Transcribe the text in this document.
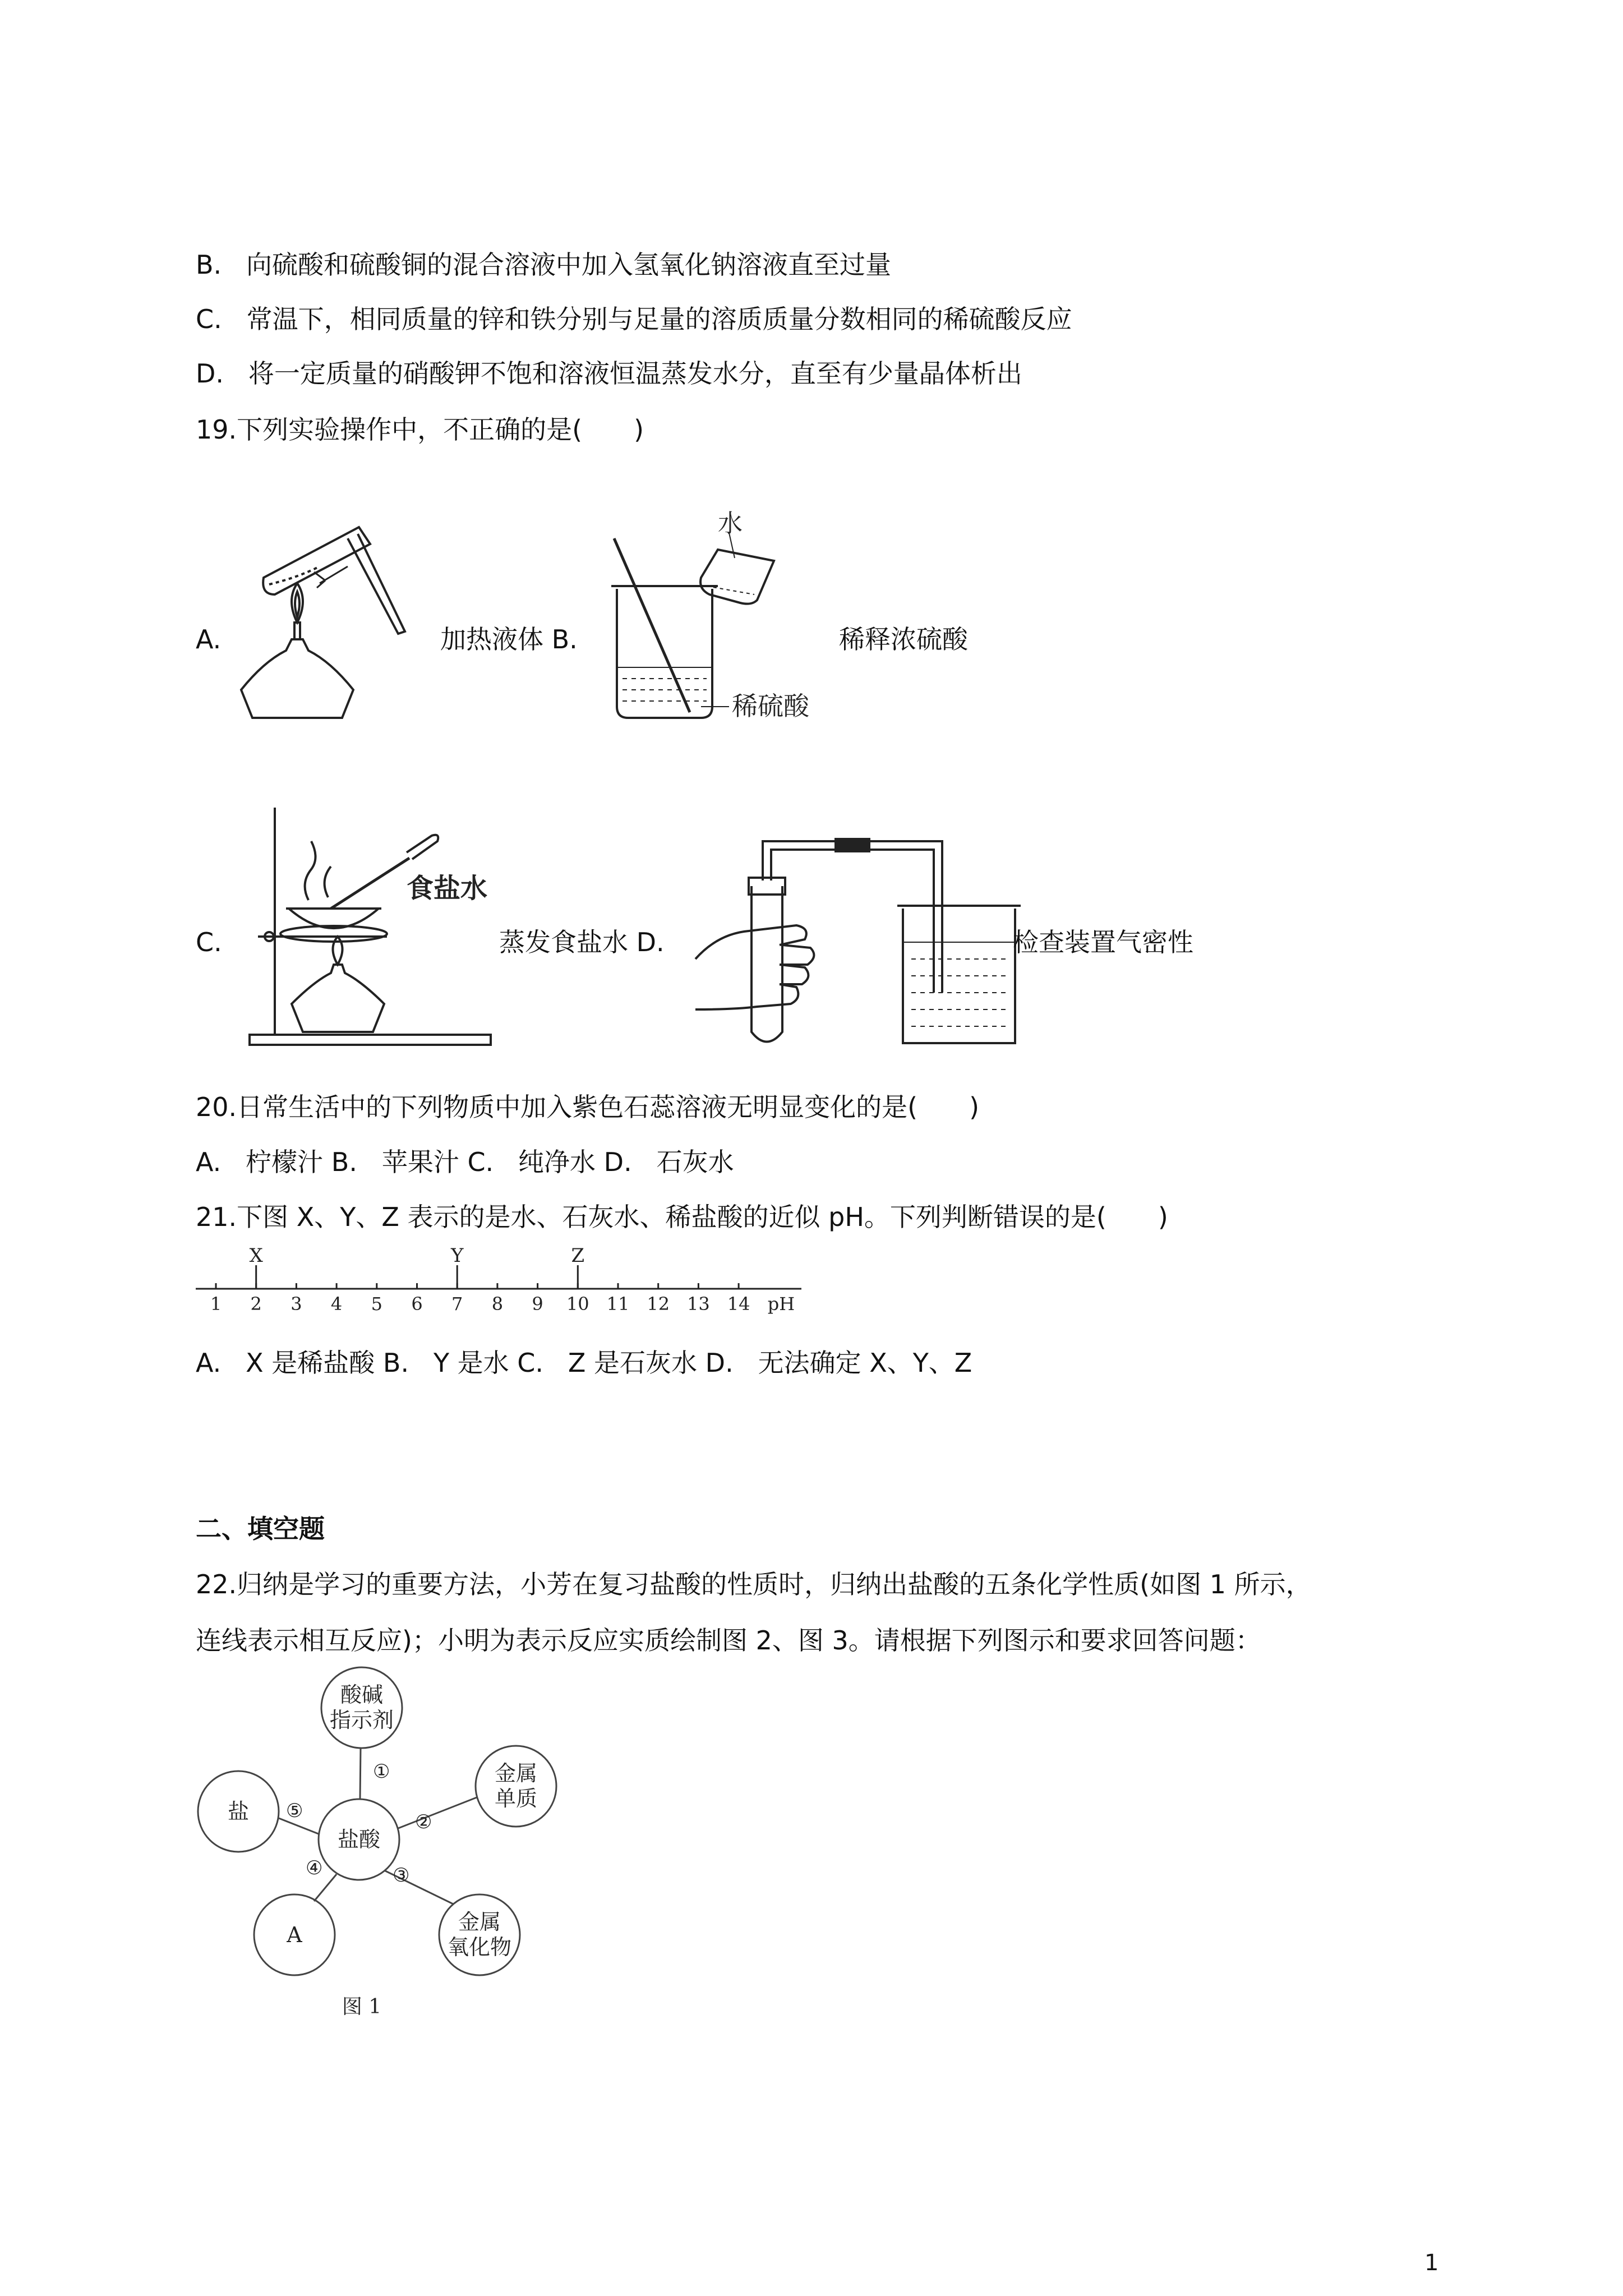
B.   向硫酸和硫酸铜的混合溶液中加入氢氧化钠溶液直至过量
C.   常温下，相同质量的锌和铁分别与足量的溶质质量分数相同的稀硫酸反应
D.   将一定质量的硝酸钾不饱和溶液恒温蒸发水分，直至有少量晶体析出
19.下列实验操作中，不正确的是(　　)
A.	加热液体 B.
水
稀硫酸
稀释浓硫酸
C.
食盐水
蒸发食盐水 D.	检查装置气密性
20.日常生活中的下列物质中加入紫色石蕊溶液无明显变化的是(　　)
A.   柠檬汁 B.   苹果汁 C.   纯净水 D.   石灰水
21.下图 X、Y、Z 表示的是水、石灰水、稀盐酸的近似 pH。下列判断错误的是(　　)
1 2 3 4 5 6 7 8 9 10 11 12 13 14 pH
X	Y	Z
A.   X 是稀盐酸 B.   Y 是水 C.   Z 是石灰水 D.   无法确定 X、Y、Z
二、填空题
22.归纳是学习的重要方法，小芳在复习盐酸的性质时，归纳出盐酸的五条化学性质(如图 1 所示，
连线表示相互反应)；小明为表示反应实质绘制图 2、图 3。请根据下列图示和要求回答问题：
酸碱
指示剂
金属
单质
盐酸
盐
A
金属
氧化物
①
②
③
④
⑤
图 1
1
